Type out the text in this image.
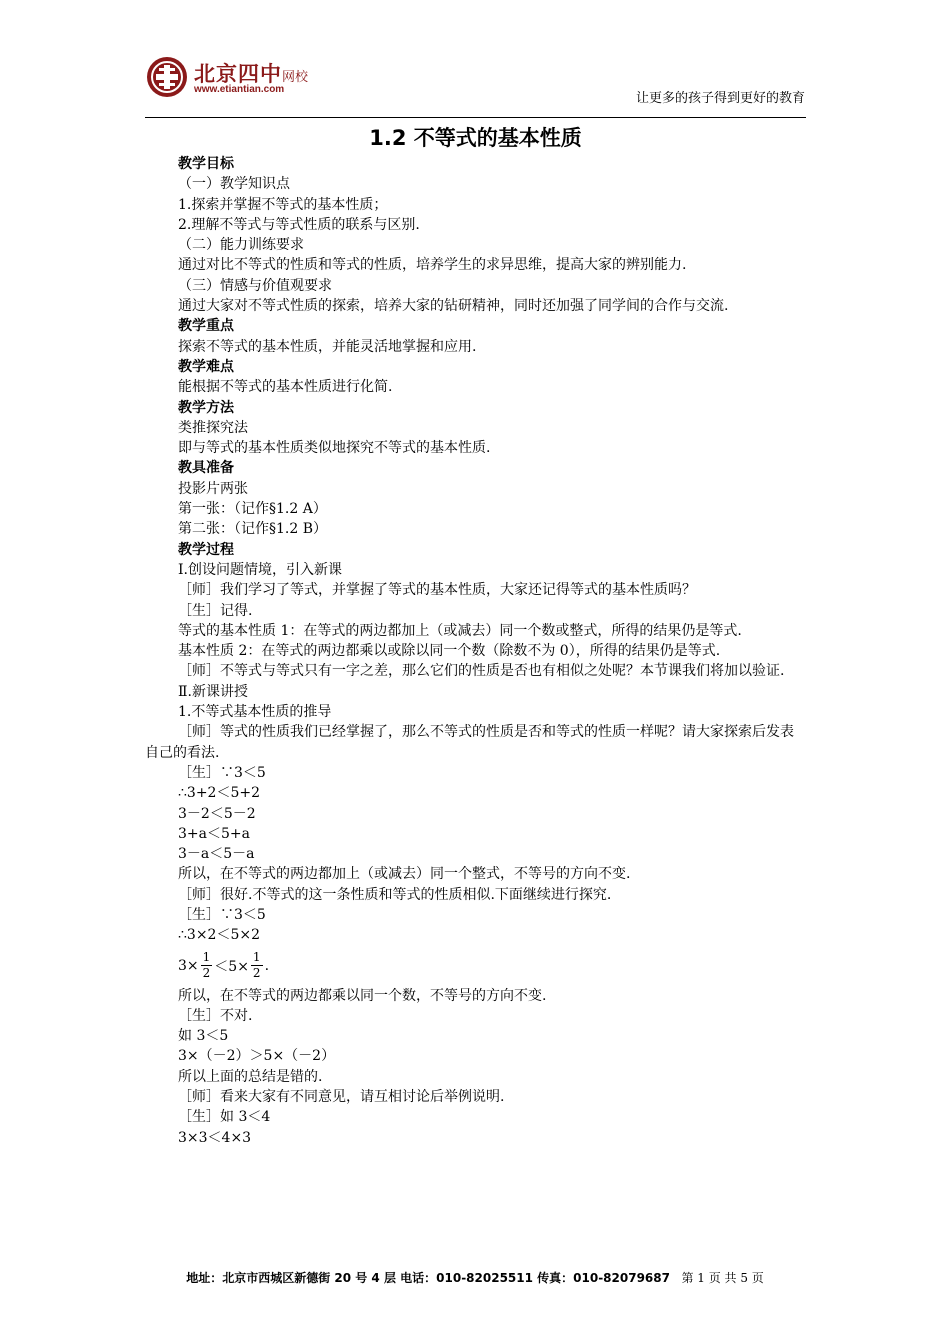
北京四中网校
www.etiantian.com
让更多的孩子得到更好的教育
1.2 不等式的基本性质
教学目标
（一）教学知识点
1.探索并掌握不等式的基本性质；
2.理解不等式与等式性质的联系与区别.
（二）能力训练要求
通过对比不等式的性质和等式的性质，培养学生的求异思维，提高大家的辨别能力.
（三）情感与价值观要求
通过大家对不等式性质的探索，培养大家的钻研精神，同时还加强了同学间的合作与交流.
教学重点
探索不等式的基本性质，并能灵活地掌握和应用.
教学难点
能根据不等式的基本性质进行化简.
教学方法
类推探究法
即与等式的基本性质类似地探究不等式的基本性质.
教具准备
投影片两张
第一张：（记作§1.2 A）
第二张：（记作§1.2 B）
教学过程
Ⅰ.创设问题情境，引入新课
［师］我们学习了等式，并掌握了等式的基本性质，大家还记得等式的基本性质吗？
［生］记得.
等式的基本性质 1：在等式的两边都加上（或减去）同一个数或整式，所得的结果仍是等式.
基本性质 2：在等式的两边都乘以或除以同一个数（除数不为 0），所得的结果仍是等式.
［师］不等式与等式只有一字之差，那么它们的性质是否也有相似之处呢？本节课我们将加以验证.
Ⅱ.新课讲授
1.不等式基本性质的推导
［师］等式的性质我们已经掌握了，那么不等式的性质是否和等式的性质一样呢？请大家探索后发表自己的看法.
［生］∵3＜5
∴3+2＜5+2
3－2＜5－2
3+a＜5+a
3－a＜5－a
所以，在不等式的两边都加上（或减去）同一个整式，不等号的方向不变.
［师］很好.不等式的这一条性质和等式的性质相似.下面继续进行探究.
［生］∵3＜5
∴3×2＜5×2
$3\times \frac{1}{2} <5\times \frac{1}{2}$ .
所以，在不等式的两边都乘以同一个数，不等号的方向不变.
［生］不对.
如 3＜5
3×（－2）＞5×（－2）
所以上面的总结是错的.
［师］看来大家有不同意见，请互相讨论后举例说明.
［生］如 3＜4
3×3＜4×3
地址：北京市西城区新德街 20 号 4 层 电话：010-82025511 传真：010-82079687 第 1 页 共 5 页
